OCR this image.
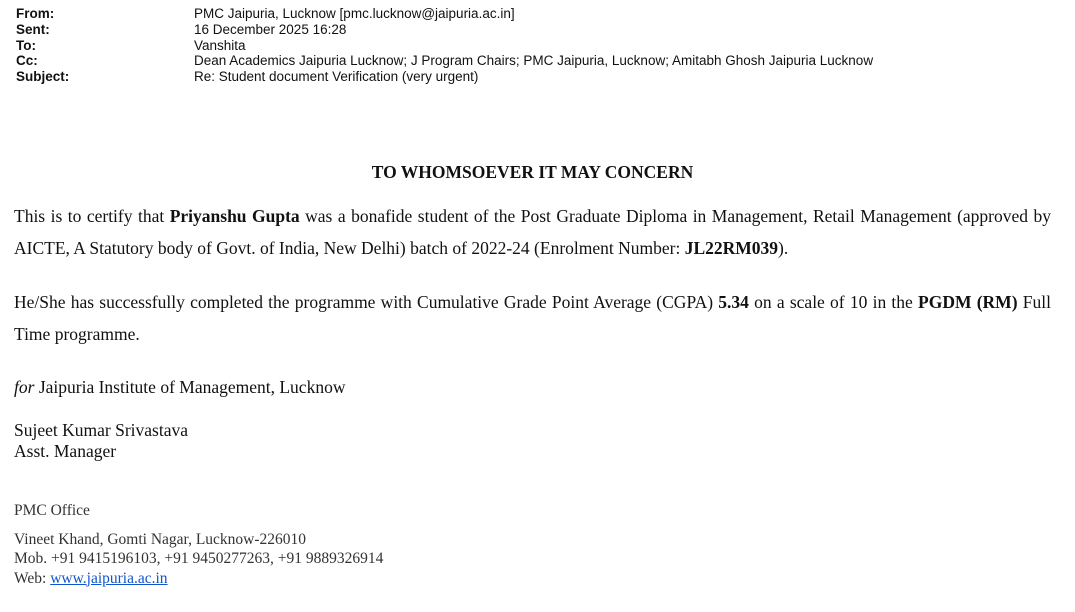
From:	PMC Jaipuria, Lucknow [pmc.lucknow@jaipuria.ac.in]
Sent:	16 December 2025 16:28
To:	Vanshita
Cc:	Dean Academics Jaipuria Lucknow; J Program Chairs; PMC Jaipuria, Lucknow; Amitabh Ghosh Jaipuria Lucknow
Subject:	Re: Student document Verification (very urgent)

TO WHOMSOEVER IT MAY CONCERN

This is to certify that Priyanshu Gupta was a bonafide student of the Post Graduate Diploma in Management, Retail Management (approved by AICTE, A Statutory body of Govt. of India, New Delhi) batch of 2022-24 (Enrolment Number: JL22RM039).

He/She has successfully completed the programme with Cumulative Grade Point Average (CGPA) 5.34 on a scale of 10 in the PGDM (RM) Full Time programme.

for Jaipuria Institute of Management, Lucknow
Sujeet Kumar Srivastava
Asst. Manager
PMC Office
Vineet Khand, Gomti Nagar, Lucknow-226010
Mob. +91 9415196103, +91 9450277263, +91 9889326914
Web: www.jaipuria.ac.in
